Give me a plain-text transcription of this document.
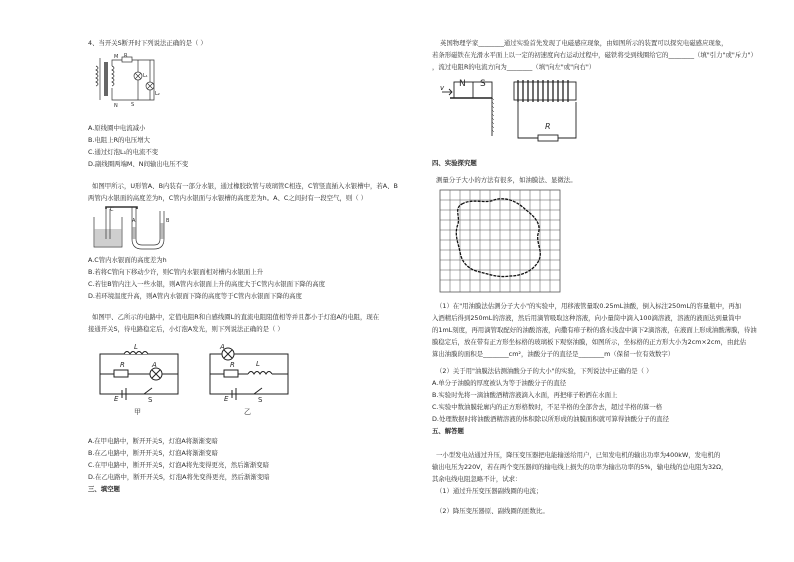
4、当开关S断开时下列说法正确的是（ ）
M R
L₁
L₂
N	S
A.原线圈中电流减小
B.电阻上R的电压增大
C.通过灯泡L₁的电流不变
D.副线圈两端M、N间输出电压不变
如图甲所示，U形管A、B内装有一部分水银，通过橡胶软管与玻璃管C相连，C管竖直插入水银槽中，若A、B
两管内水银面的高度差为h，C管内水银面与水银槽的高度差为h。A、C之间封有一段空气，则（ ）
C
A	B
A.C管内水银面的高度差为h
B.若将C管向下移动少许，则C管内水银面相对槽内水银面上升
C.若往B管内注入一些水银，则A管内水银面上升的高度大于C管内水银面下降的高度
D.若环境温度升高，则A管内水银面下降的高度等于C管内水银面下降的高度
如图甲、乙所示的电路中，定值电阻R和自感线圈L的直流电阻阻值相等并且都小于灯泡A的电阻，现在
接通开关S，待电路稳定后，小灯泡A发光，则下列说法正确的是（ ）
L
A
R
E	S
甲
A
L
R
E	S
乙
A.在甲电路中，断开开关S，灯泡A将渐渐变暗
B.在乙电路中，断开开关S，灯泡A将渐渐变暗
C.在甲电路中，断开开关S，灯泡A将先变得更亮，然后渐渐变暗
D.在乙电路中，断开开关S，灯泡A将先变得更亮，然后渐渐变暗
三、填空题
英国物理学家________通过实验首先发现了电磁感应现象，由如图所示的装置可以探究电磁感应现象，
若条形磁铁在光滑水平面上以一定的初速度向右运动过程中，磁铁将受到线圈给它的________（填"引力"或"斥力"）
，流过电阻R的电流方向为________（填"向左"或"向右"）
v N S
R
四、实验探究题
测量分子大小的方法有很多，如油膜法、显微法。
（1）在"用油膜法估测分子大小"的实验中，用移液管量取0.25mL油酸，倒入标注250mL的容量瓶中，再加
入酒精后得到250mL的溶液，然后用滴管吸取这种溶液，向小量筒中滴入100滴溶液，溶液的液面达到量筒中
的1mL刻度，再用滴管取配好的油酸溶液，向撒有痱子粉的盛水浅盘中滴下2滴溶液，在液面上形成油酸薄膜，待油
膜稳定后，放在带有正方形坐标格的玻璃板下观察油膜，如图所示，坐标格的正方形大小为2cm×2cm，由此估
算出油膜的面积是________cm²，油酸分子的直径是________m（保留一位有效数字）
（2）关于用"油膜法估测油酸分子的大小"的实验，下列说法中正确的是（ ）
A.单分子油膜的厚度被认为等于油酸分子的直径
B.实验时先将一滴油酸酒精溶液滴入水面，再把痱子粉洒在水面上
C.实验中数油膜轮廓内的正方形格数时，不足半格的全部舍去，超过半格的算一格
D.处理数据时将油酸酒精溶液的体积除以所形成的油膜面积就可算得油酸分子的直径
五、解答题
一小型发电站通过升压，降压变压器把电能输送给用户，已知发电机的输出功率为400kW，发电机的
输出电压为220V，若在两个变压器间的输电线上损失的功率为输出功率的5%，输电线的总电阻为32Ω，
其余电线电阻忽略不计，试求：
（1）通过升压变压器副线圈的电流；
（2）降压变压器原、副线圈的匝数比。
